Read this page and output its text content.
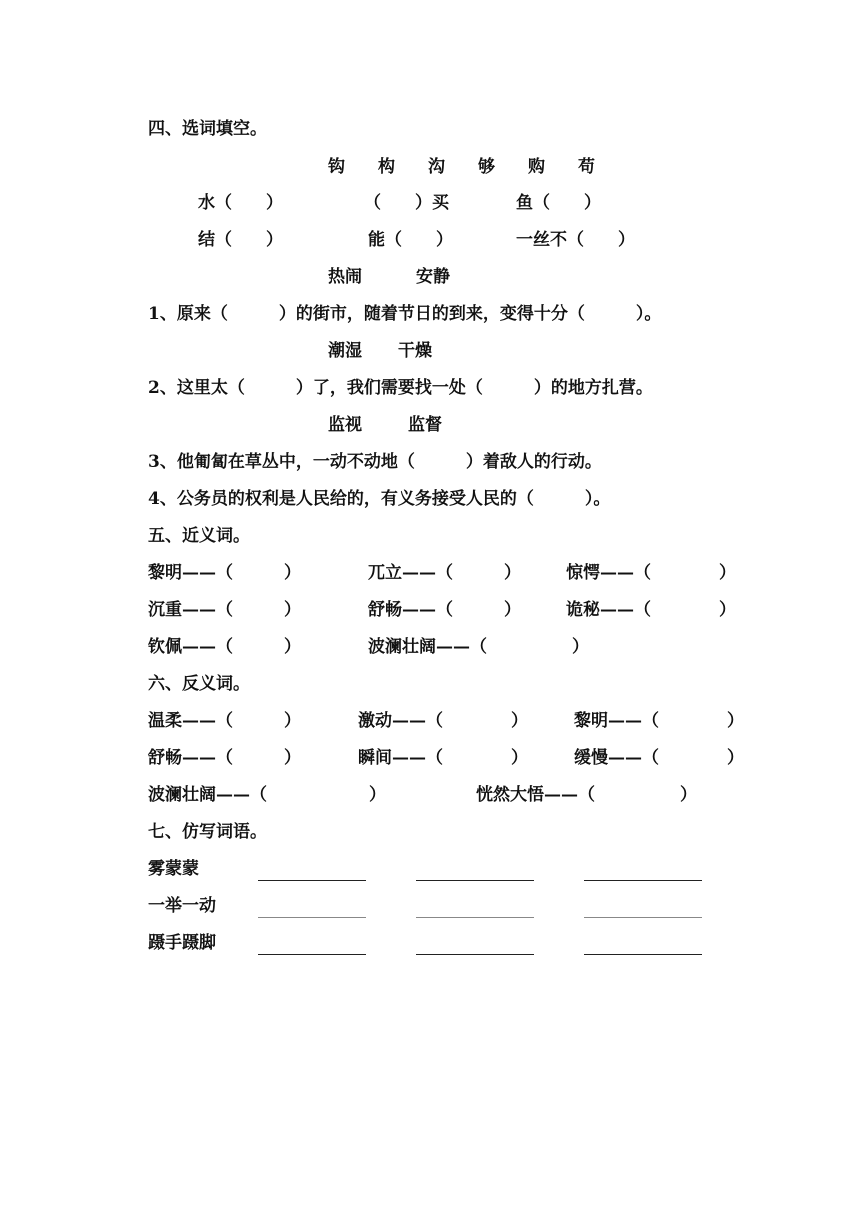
四、选词填空。
钩 构 沟 够 购 苟
水（　　）	（　　）买	鱼（　　）
结（　　）	能（　　）	一丝不（　　）
热闹	安静
1、原来（　　　）的街市，随着节日的到来，变得十分（　　　）。
潮湿 干燥
2、这里太（　　　）了，我们需要找一处（　　　）的地方扎营。
监视	监督
3、他匍匐在草丛中，一动不动地（　　　）着敌人的行动。
4、公务员的权利是人民给的，有义务接受人民的（　　　）。
五、近义词。
黎明——（　　　）	兀立——（　　　）	惊愕——（　　　　）
沉重——（　　　）	舒畅——（　　　）	诡秘——（　　　　）
钦佩——（　　　）	波澜壮阔——（　　　　　）
六、反义词。
温柔——（　　　）	激动——（　　　　）	黎明——（　　　　）
舒畅——（　　　）	瞬间——（　　　　）	缓慢——（　　　　）
波澜壮阔——（　　　　　　）	恍然大悟——（　　　　　）
七、仿写词语。
雾蒙蒙
一举一动
蹑手蹑脚
